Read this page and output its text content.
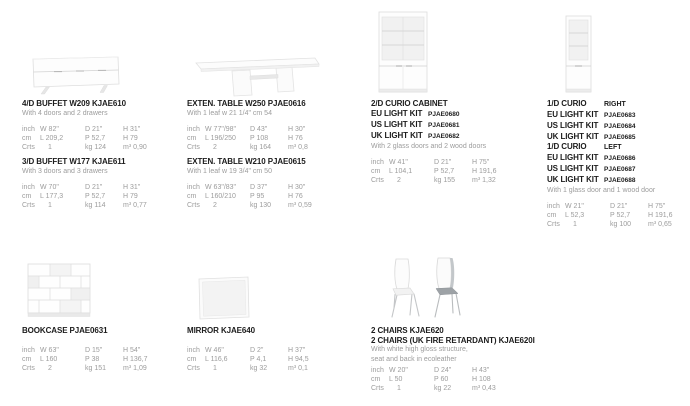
4/D BUFFET W209 KJAE610
With 4 doors and 2 drawers
inch W 82"	D 21"	H 31"
cm	L 209,2	P 52,7	H 79
Crts	1	kg 124	m³ 0,90
3/D BUFFET W177 KJAE611
With 3 doors and 3 drawers
inch W 70"	D 21"	H 31"
cm	L 177,3	P 52,7	H 79
Crts	1	kg 114	m³ 0,77
EXTEN. TABLE W250 PJAE0616
With 1 leaf w 21 1/4" cm 54
inch W 77"/98"	D 43"	H 30"
cm	L 196/250	P 108	H 76
Crts	2	kg 164	m³ 0,8
EXTEN. TABLE W210 PJAE0615
With 1 leaf w 19 3/4" cm 50
inch W 63"/83"	D 37"	H 30"
cm	L 160/210	P 95	H 76
Crts	2	kg 130	m³ 0,59
2/D CURIO CABINET
EU LIGHT KIT PJAE0680
US LIGHT KIT PJAE0681
UK LIGHT KIT PJAE0682
With 2 glass doors and 2 wood doors
inch W 41"	D 21"	H 75"
cm	L 104,1	P 52,7	H 191,6
Crts	2	kg 155	m³ 1,32
1/D CURIO	RIGHT
EU LIGHT KIT PJAE0683
US LIGHT KIT PJAE0684
UK LIGHT KIT PJAE0685
1/D CURIO	LEFT
EU LIGHT KIT PJAE0686
US LIGHT KIT PJAE0687
UK LIGHT KIT PJAE0688
With 1 glass door and 1 wood door
inch W 21"	D 21"	H 75"
cm	L 52,3	P 52,7	H 191,6
Crts	1	kg 100	m³ 0,65
BOOKCASE PJAE0631
inch W 63"	D 15"	H 54"
cm	L 160	P 38	H 136,7
Crts	2	kg 151	m³ 1,09
MIRROR KJAE640
inch W 46"	D 2"	H 37"
cm	L 116,6	P 4,1	H 94,5
Crts	1	kg 32	m³ 0,1
2 CHAIRS KJAE620
2 CHAIRS (UK FIRE RETARDANT) KJAE620I
With white high gloss structure,
seat and back in ecoleather
inch W 20"	D 24"	H 43"
cm	L 50	P 60	H 108
Crts	1	kg 22	m³ 0,43
